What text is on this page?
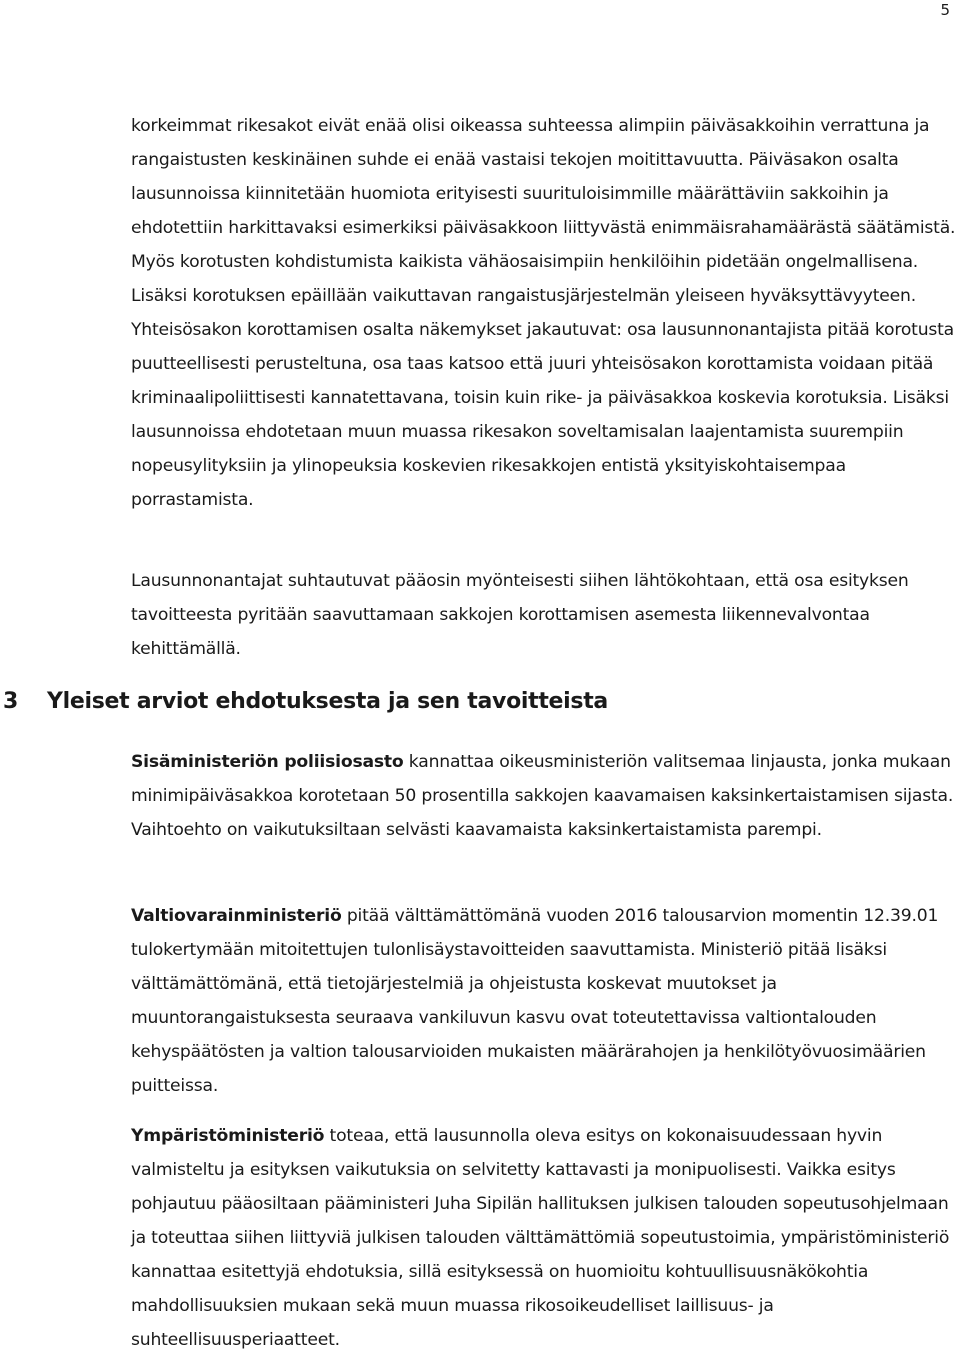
5

korkeimmat rikesakot eivät enää olisi oikeassa suhteessa alimpiin päiväsakkoihin verrattuna ja rangaistusten keskinäinen suhde ei enää vastaisi tekojen moitittavuutta. Päiväsakon osalta lausunnoissa kiinnitetään huomiota erityisesti suurituloisimmille määrättäviin sakkoihin ja ehdotettiin harkittavaksi esimerkiksi päiväsakkoon liittyvästä enimmäisrahamäärästä säätämistä. Myös korotusten kohdistumista kaikista vähäosaisimpiin henkilöihin pidetään ongelmallisena. Lisäksi korotuksen epäillään vaikuttavan rangaistusjärjestelmän yleiseen hyväksyttävyyteen. Yhteisösakon korottamisen osalta näkemykset jakautuvat: osa lausunnonantajista pitää korotusta puutteellisesti perusteltuna, osa taas katsoo että juuri yhteisösakon korottamista voidaan pitää kriminaalipoliittisesti kannatettavana, toisin kuin rike- ja päiväsakkoa koskevia korotuksia. Lisäksi lausunnoissa ehdotetaan muun muassa rikesakon soveltamisalan laajentamista suurempiin nopeusylityksiin ja ylinopeuksia koskevien rikesakkojen entistä yksityiskohtaisempaa porrastamista.

Lausunnonantajat suhtautuvat pääosin myönteisesti siihen lähtökohtaan, että osa esityksen tavoitteesta pyritään saavuttamaan sakkojen korottamisen asemesta liikennevalvontaa kehittämällä.

3 Yleiset arviot ehdotuksesta ja sen tavoitteista

Sisäministeriön poliisiosasto kannattaa oikeusministeriön valitsemaa linjausta, jonka mukaan minimipäiväsakkoa korotetaan 50 prosentilla sakkojen kaavamaisen kaksinkertaistamisen sijasta. Vaihtoehto on vaikutuksiltaan selvästi kaavamaista kaksinkertaistamista parempi.

Valtiovarainministeriö pitää välttämättömänä vuoden 2016 talousarvion momentin 12.39.01 tulokertymään mitoitettujen tulonlisäystavoitteiden saavuttamista. Ministeriö pitää lisäksi välttämättömänä, että tietojärjestelmiä ja ohjeistusta koskevat muutokset ja muuntorangaistuksesta seuraava vankiluvun kasvu ovat toteutettavissa valtiontalouden kehyspäätösten ja valtion talousarvioiden mukaisten määrärahojen ja henkilötyövuosimäärien puitteissa.

Ympäristöministeriö toteaa, että lausunnolla oleva esitys on kokonaisuudessaan hyvin valmisteltu ja esityksen vaikutuksia on selvitetty kattavasti ja monipuolisesti. Vaikka esitys pohjautuu pääosiltaan pääministeri Juha Sipilän hallituksen julkisen talouden sopeutusohjelmaan ja toteuttaa siihen liittyviä julkisen talouden välttämättömiä sopeutustoimia, ympäristöministeriö kannattaa esitettyjä ehdotuksia, sillä esityksessä on huomioitu kohtuullisuusnäkökohtia mahdollisuuksien mukaan sekä muun muassa rikosoikeudelliset laillisuus- ja suhteellisuusperiaatteet.
